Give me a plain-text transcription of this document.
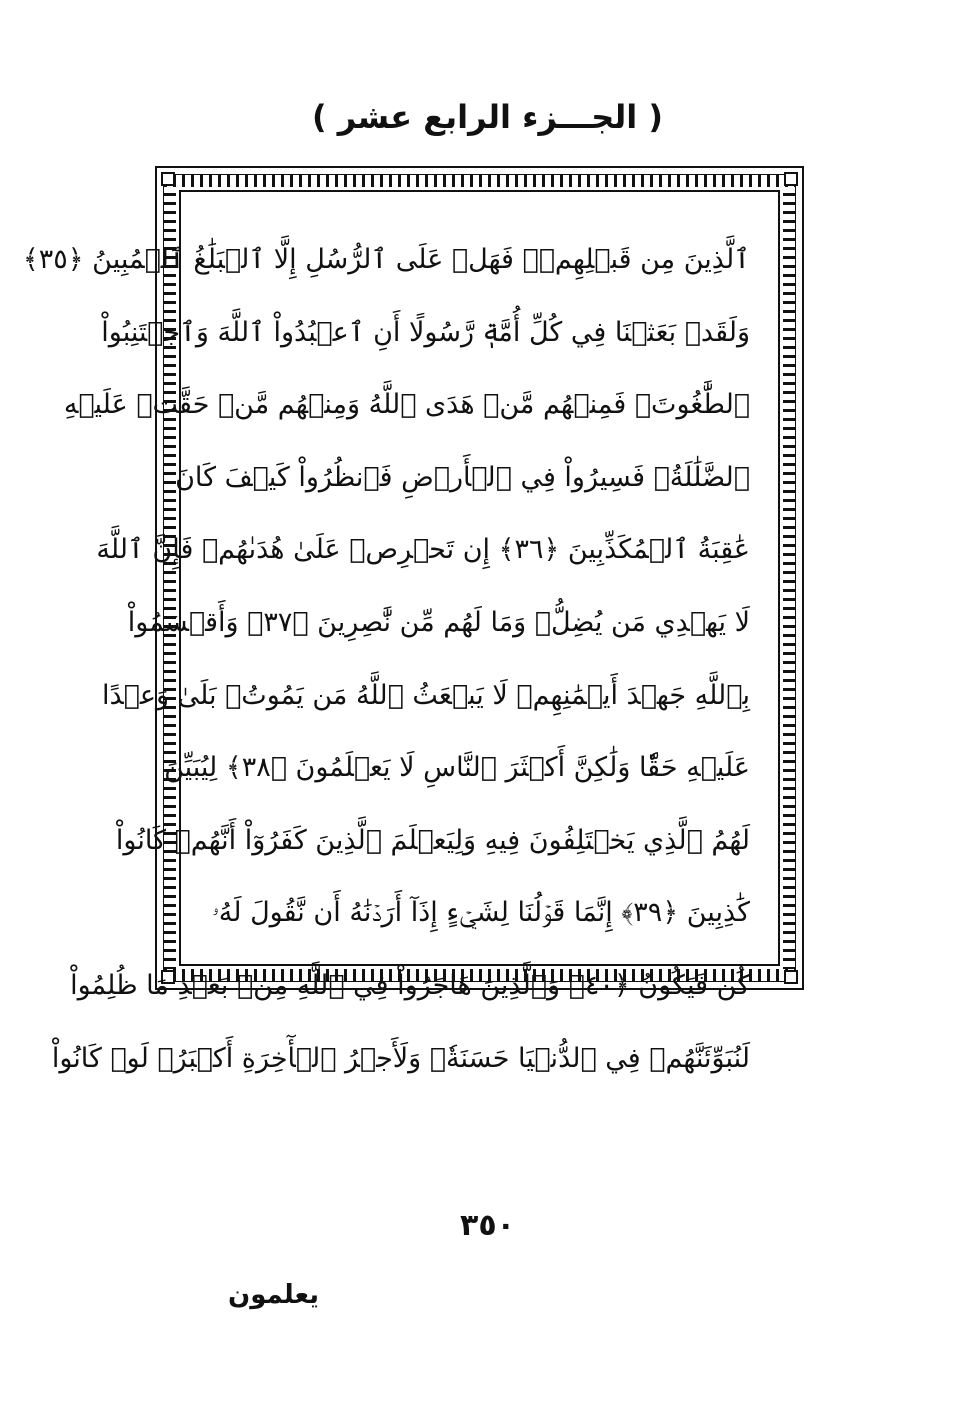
( الجـــزء الرابع عشر )
ٱلَّذِينَ مِن قَبۡلِهِمۡۚ فَهَلۡ عَلَى ٱلرُّسُلِ إِلَّا ٱلۡبَلَٰغُ ٱلۡمُبِينُ ﴿٣٥﴾
وَلَقَدۡ بَعَثۡنَا فِي كُلِّ أُمَّةٖ رَّسُولًا أَنِ ٱعۡبُدُواْ ٱللَّهَ وَٱجۡتَنِبُواْ
ٱلطَّٰغُوتَۖ فَمِنۡهُم مَّنۡ هَدَى ٱللَّهُ وَمِنۡهُم مَّنۡ حَقَّتۡ عَلَيۡهِ
ٱلضَّلَٰلَةُۚ فَسِيرُواْ فِي ٱلۡأَرۡضِ فَٱنظُرُواْ كَيۡفَ كَانَ
عَٰقِبَةُ ٱلۡمُكَذِّبِينَ ﴿٣٦﴾ إِن تَحۡرِصۡ عَلَىٰ هُدَىٰهُمۡ فَإِنَّ ٱللَّهَ
لَا يَهۡدِي مَن يُضِلُّۖ وَمَا لَهُم مِّن نَّٰصِرِينَ ﴿٣٧﴾ وَأَقۡسَمُواْ
بِٱللَّهِ جَهۡدَ أَيۡمَٰنِهِمۡ لَا يَبۡعَثُ ٱللَّهُ مَن يَمُوتُۚ بَلَىٰ وَعۡدًا
عَلَيۡهِ حَقّٗا وَلَٰكِنَّ أَكۡثَرَ ٱلنَّاسِ لَا يَعۡلَمُونَ ﴿٣٨﴾ لِيُبَيِّنَ
لَهُمُ ٱلَّذِي يَخۡتَلِفُونَ فِيهِ وَلِيَعۡلَمَ ٱلَّذِينَ كَفَرُوٓاْ أَنَّهُمۡ كَانُواْ
كَٰذِبِينَ ﴿٣٩﴾ إِنَّمَا قَوۡلُنَا لِشَيۡءٍ إِذَآ أَرَدۡنَٰهُ أَن نَّقُولَ لَهُۥ
كُن فَيَكُونُ ﴿٤٠﴾ وَٱلَّذِينَ هَاجَرُواْ فِي ٱللَّهِ مِنۢ بَعۡدِ مَا ظُلِمُواْ
لَنُبَوِّئَنَّهُمۡ فِي ٱلدُّنۡيَا حَسَنَةٗۖ وَلَأَجۡرُ ٱلۡأٓخِرَةِ أَكۡبَرُۚ لَوۡ كَانُواْ
٣٥٠
يعلمون
